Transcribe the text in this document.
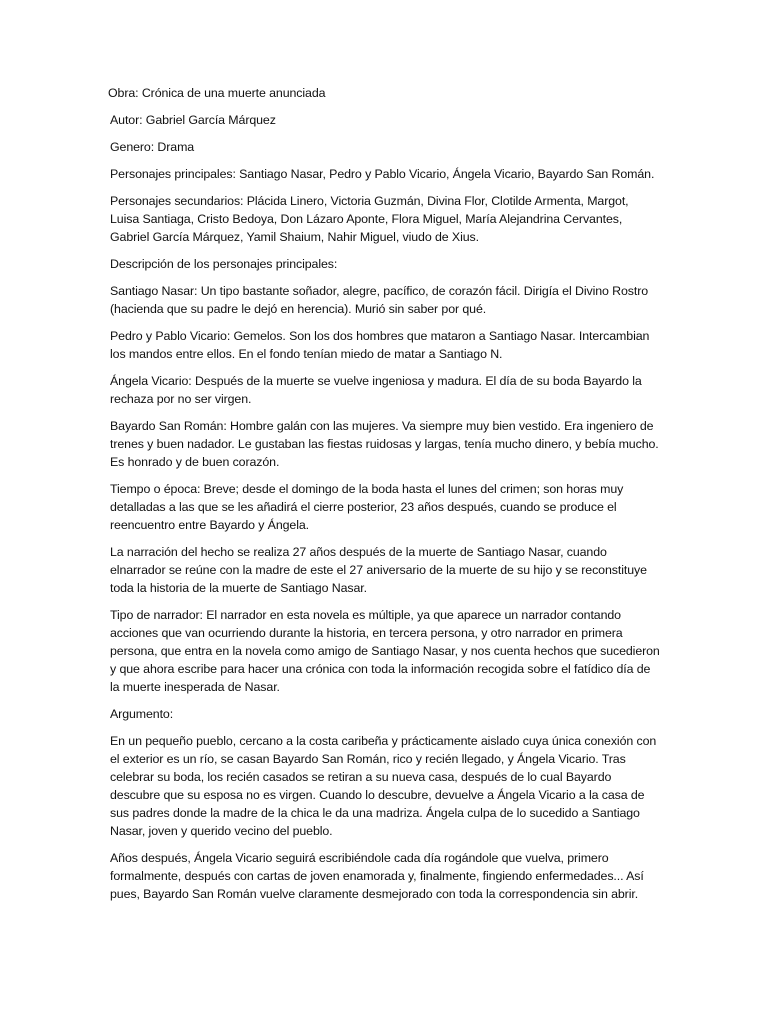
Obra: Crónica de una muerte anunciada

Autor: Gabriel García Márquez

Genero: Drama

Personajes principales: Santiago Nasar, Pedro y Pablo Vicario, Ángela Vicario, Bayardo San Román.

Personajes secundarios: Plácida Linero, Victoria Guzmán, Divina Flor, Clotilde Armenta, Margot, Luisa Santiaga, Cristo Bedoya, Don Lázaro Aponte, Flora Miguel, María Alejandrina Cervantes, Gabriel García Márquez, Yamil Shaium, Nahir Miguel, viudo de Xius.

Descripción de los personajes principales:

Santiago Nasar: Un tipo bastante soñador, alegre, pacífico, de corazón fácil. Dirigía el Divino Rostro (hacienda que su padre le dejó en herencia). Murió sin saber por qué.

Pedro y Pablo Vicario: Gemelos. Son los dos hombres que mataron a Santiago Nasar. Intercambian los mandos entre ellos. En el fondo tenían miedo de matar a Santiago N.

Ángela Vicario: Después de la muerte se vuelve ingeniosa y madura. El día de su boda Bayardo la rechaza por no ser virgen.

Bayardo San Román: Hombre galán con las mujeres. Va siempre muy bien vestido. Era ingeniero de trenes y buen nadador. Le gustaban las fiestas ruidosas y largas, tenía mucho dinero, y bebía mucho. Es honrado y de buen corazón.

Tiempo o época: Breve; desde el domingo de la boda hasta el lunes del crimen; son horas muy detalladas a las que se les añadirá el cierre posterior, 23 años después, cuando se produce el reencuentro entre Bayardo y Ángela.

La narración del hecho se realiza 27 años después de la muerte de Santiago Nasar, cuando elnarrador se reúne con la madre de este el 27 aniversario de la muerte de su hijo y se reconstituye toda la historia de la muerte de Santiago Nasar.

Tipo de narrador: El narrador en esta novela es múltiple, ya que aparece un narrador contando acciones que van ocurriendo durante la historia, en tercera persona, y otro narrador en primera persona, que entra en la novela como amigo de Santiago Nasar, y nos cuenta hechos que sucedieron y que ahora escribe para hacer una crónica con toda la información recogida sobre el fatídico día de la muerte inesperada de Nasar.

Argumento:

En un pequeño pueblo, cercano a la costa caribeña y prácticamente aislado cuya única conexión con el exterior es un río, se casan Bayardo San Román, rico y recién llegado, y Ángela Vicario. Tras celebrar su boda, los recién casados se retiran a su nueva casa, después de lo cual Bayardo descubre que su esposa no es virgen. Cuando lo descubre, devuelve a Ángela Vicario a la casa de sus padres donde la madre de la chica le da una madriza. Ángela culpa de lo sucedido a Santiago Nasar, joven y querido vecino del pueblo.

Años después, Ángela Vicario seguirá escribiéndole cada día rogándole que vuelva, primero formalmente, después con cartas de joven enamorada y, finalmente, fingiendo enfermedades... Así pues, Bayardo San Román vuelve claramente desmejorado con toda la correspondencia sin abrir.
